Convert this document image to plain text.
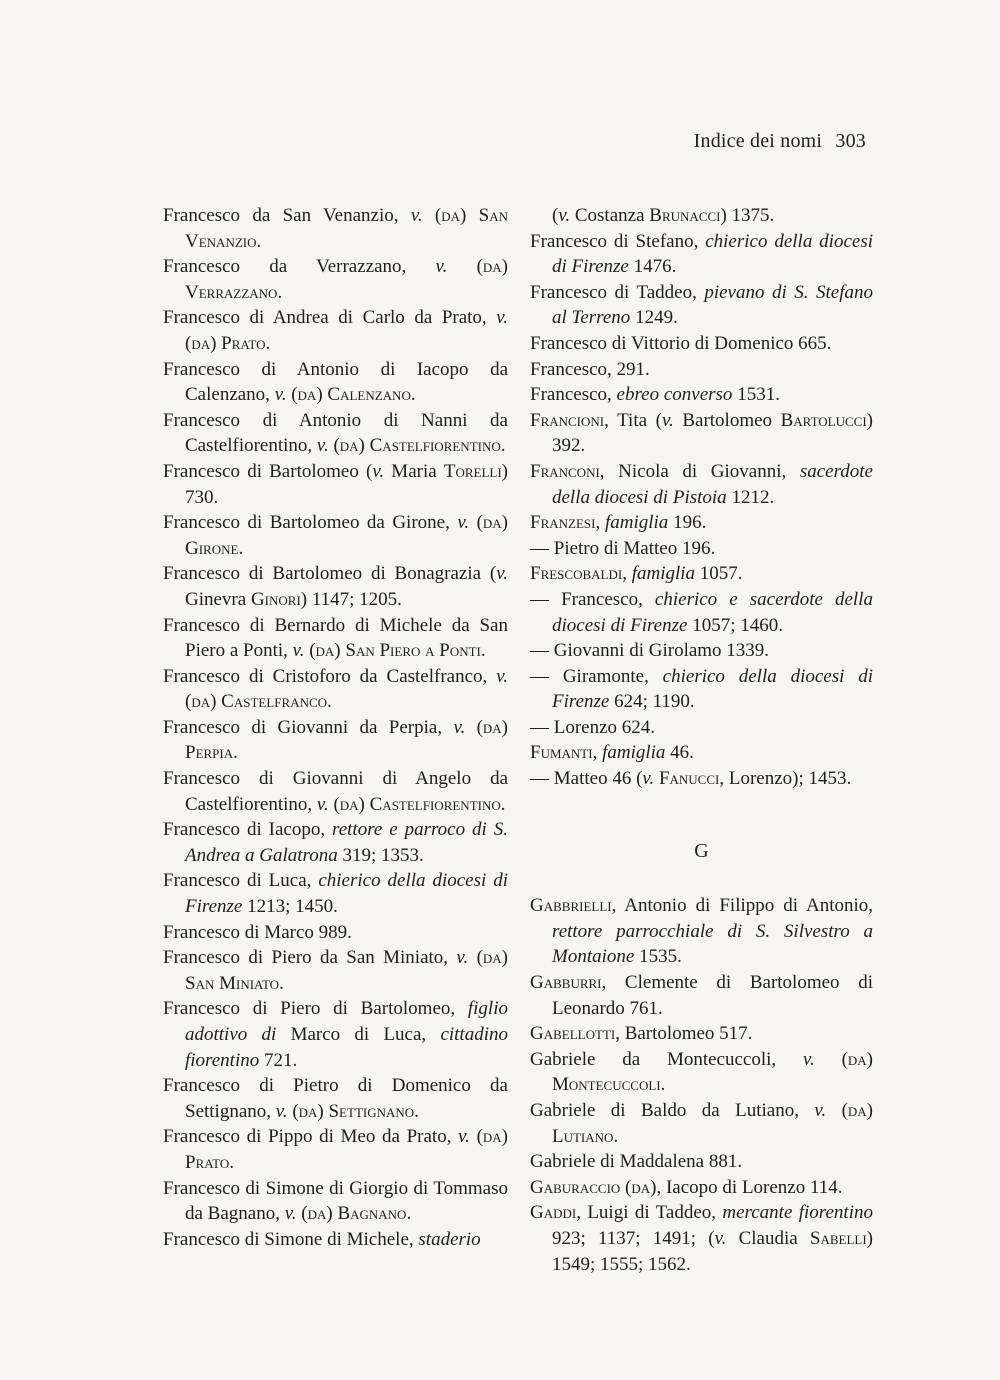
Indice dei nomi 303
Francesco da San Venanzio, v. (da) San Venanzio.
Francesco da Verrazzano, v. (da) Verrazzano.
Francesco di Andrea di Carlo da Prato, v. (da) Prato.
Francesco di Antonio di Iacopo da Calenzano, v. (da) Calenzano.
Francesco di Antonio di Nanni da Castelfiorentino, v. (da) Castelfiorentino.
Francesco di Bartolomeo (v. Maria Torelli) 730.
Francesco di Bartolomeo da Girone, v. (da) Girone.
Francesco di Bartolomeo di Bonagrazia (v. Ginevra Ginori) 1147; 1205.
Francesco di Bernardo di Michele da San Piero a Ponti, v. (da) San Piero a Ponti.
Francesco di Cristoforo da Castelfranco, v. (da) Castelfranco.
Francesco di Giovanni da Perpia, v. (da) Perpia.
Francesco di Giovanni di Angelo da Castelfiorentino, v. (da) Castelfiorentino.
Francesco di Iacopo, rettore e parroco di S. Andrea a Galatrona 319; 1353.
Francesco di Luca, chierico della diocesi di Firenze 1213; 1450.
Francesco di Marco 989.
Francesco di Piero da San Miniato, v. (da) San Miniato.
Francesco di Piero di Bartolomeo, figlio adottivo di Marco di Luca, cittadino fiorentino 721.
Francesco di Pietro di Domenico da Settignano, v. (da) Settignano.
Francesco di Pippo di Meo da Prato, v. (da) Prato.
Francesco di Simone di Giorgio di Tommaso da Bagnano, v. (da) Bagnano.
Francesco di Simone di Michele, staderio
(v. Costanza Brunacci) 1375.
Francesco di Stefano, chierico della diocesi di Firenze 1476.
Francesco di Taddeo, pievano di S. Stefano al Terreno 1249.
Francesco di Vittorio di Domenico 665.
Francesco, 291.
Francesco, ebreo converso 1531.
Francioni, Tita (v. Bartolomeo Bartolucci) 392.
Franconi, Nicola di Giovanni, sacerdote della diocesi di Pistoia 1212.
Franzesi, famiglia 196.
— Pietro di Matteo 196.
Frescobaldi, famiglia 1057.
— Francesco, chierico e sacerdote della diocesi di Firenze 1057; 1460.
— Giovanni di Girolamo 1339.
— Giramonte, chierico della diocesi di Firenze 624; 1190.
— Lorenzo 624.
Fumanti, famiglia 46.
— Matteo 46 (v. Fanucci, Lorenzo); 1453.
G
Gabbrielli, Antonio di Filippo di Antonio, rettore parrocchiale di S. Silvestro a Montaione 1535.
Gabburri, Clemente di Bartolomeo di Leonardo 761.
Gabellotti, Bartolomeo 517.
Gabriele da Montecuccoli, v. (da) Montecuccoli.
Gabriele di Baldo da Lutiano, v. (da) Lutiano.
Gabriele di Maddalena 881.
Gaburaccio (da), Iacopo di Lorenzo 114.
Gaddi, Luigi di Taddeo, mercante fiorentino 923; 1137; 1491; (v. Claudia Sabelli) 1549; 1555; 1562.
